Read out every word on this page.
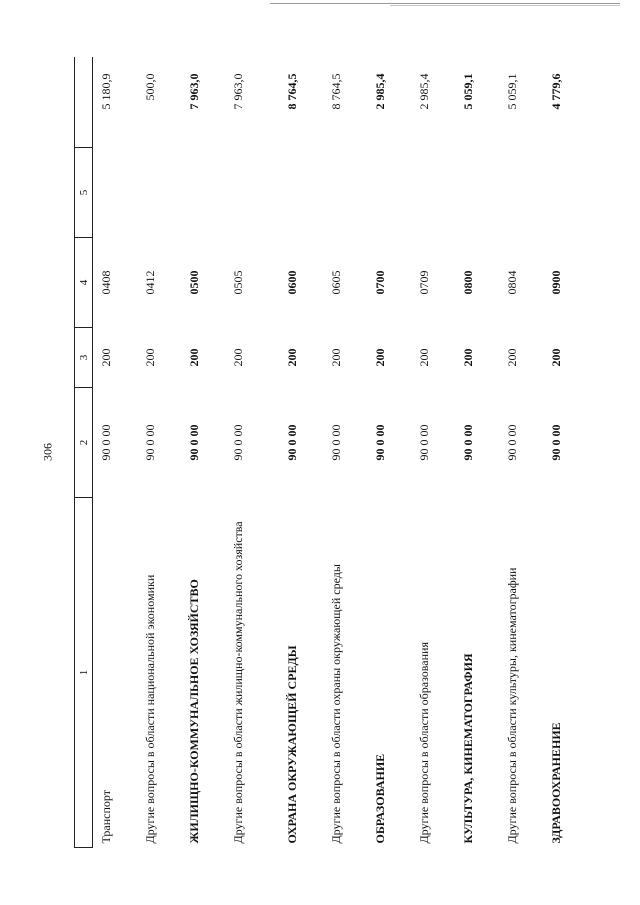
306
1	2	3	4	5	
Транспорт	90 0 00	200	0408		5 180,9
Другие вопросы в области национальной экономики	90 0 00	200	0412		500,0
ЖИЛИЩНО-КОММУНАЛЬНОЕ ХОЗЯЙСТВО	90 0 00	200	0500		7 963,0
Другие вопросы в области жилищно-коммунального хозяйства	90 0 00	200	0505		7 963,0
ОХРАНА ОКРУЖАЮЩЕЙ СРЕДЫ	90 0 00	200	0600		8 764,5
Другие вопросы в области охраны окружающей среды	90 0 00	200	0605		8 764,5
ОБРАЗОВАНИЕ	90 0 00	200	0700		2 985,4
Другие вопросы в области образования	90 0 00	200	0709		2 985,4
КУЛЬТУРА, КИНЕМАТОГРАФИЯ	90 0 00	200	0800		5 059,1
Другие вопросы в области культуры, кинематографии	90 0 00	200	0804		5 059,1
ЗДРАВООХРАНЕНИЕ	90 0 00	200	0900		4 779,6
